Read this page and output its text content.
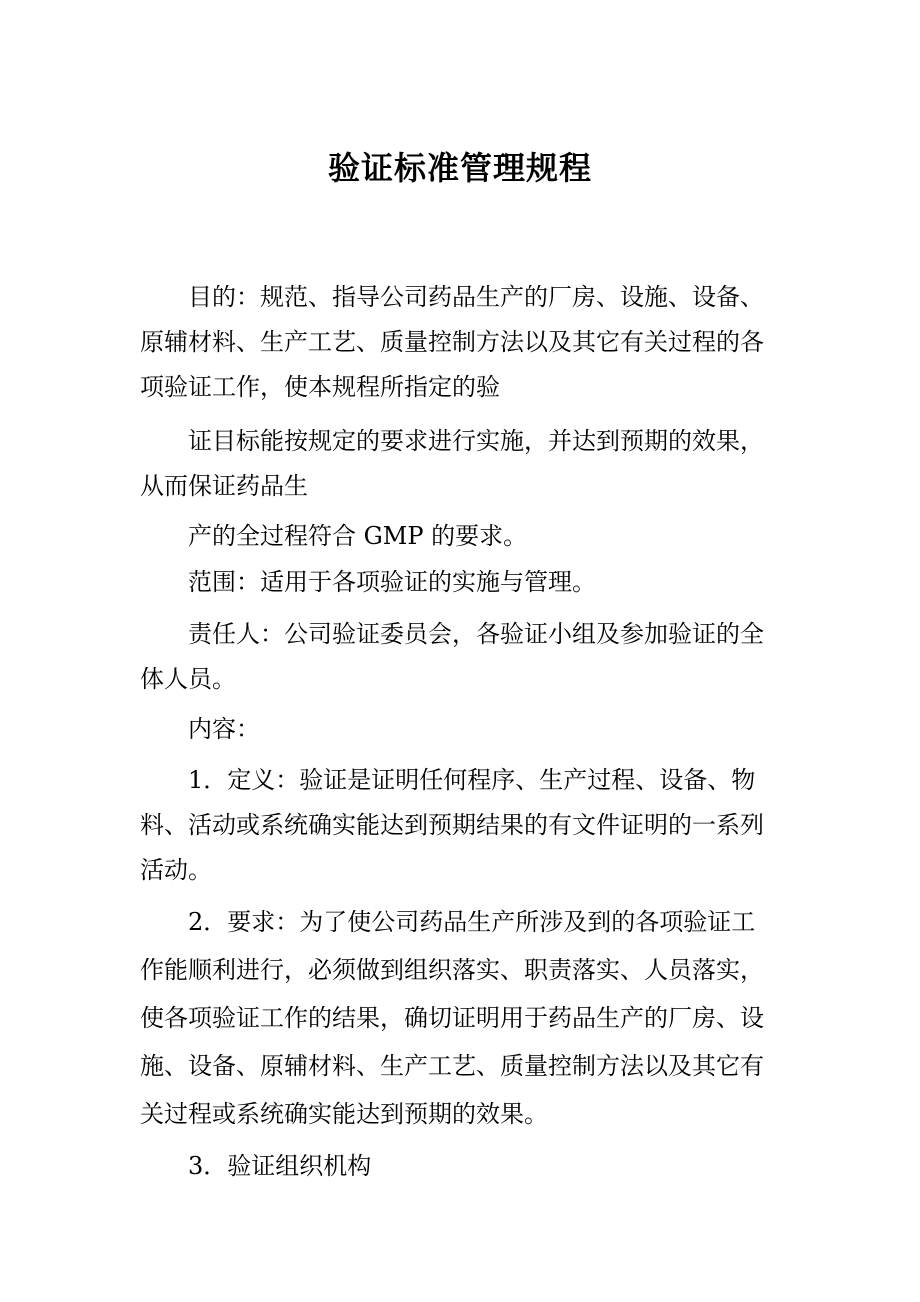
验证标准管理规程
目的：规范、指导公司药品生产的厂房、设施、设备、
原辅材料、生产工艺、质量控制方法以及其它有关过程的各
项验证工作，使本规程所指定的验
证目标能按规定的要求进行实施，并达到预期的效果，
从而保证药品生
产的全过程符合 GMP 的要求。
范围：适用于各项验证的实施与管理。
责任人：公司验证委员会，各验证小组及参加验证的全
体人员。
内容：
1．定义：验证是证明任何程序、生产过程、设备、物
料、活动或系统确实能达到预期结果的有文件证明的一系列
活动。
2．要求：为了使公司药品生产所涉及到的各项验证工
作能顺利进行，必须做到组织落实、职责落实、人员落实，
使各项验证工作的结果，确切证明用于药品生产的厂房、设
施、设备、原辅材料、生产工艺、质量控制方法以及其它有
关过程或系统确实能达到预期的效果。
3．验证组织机构
